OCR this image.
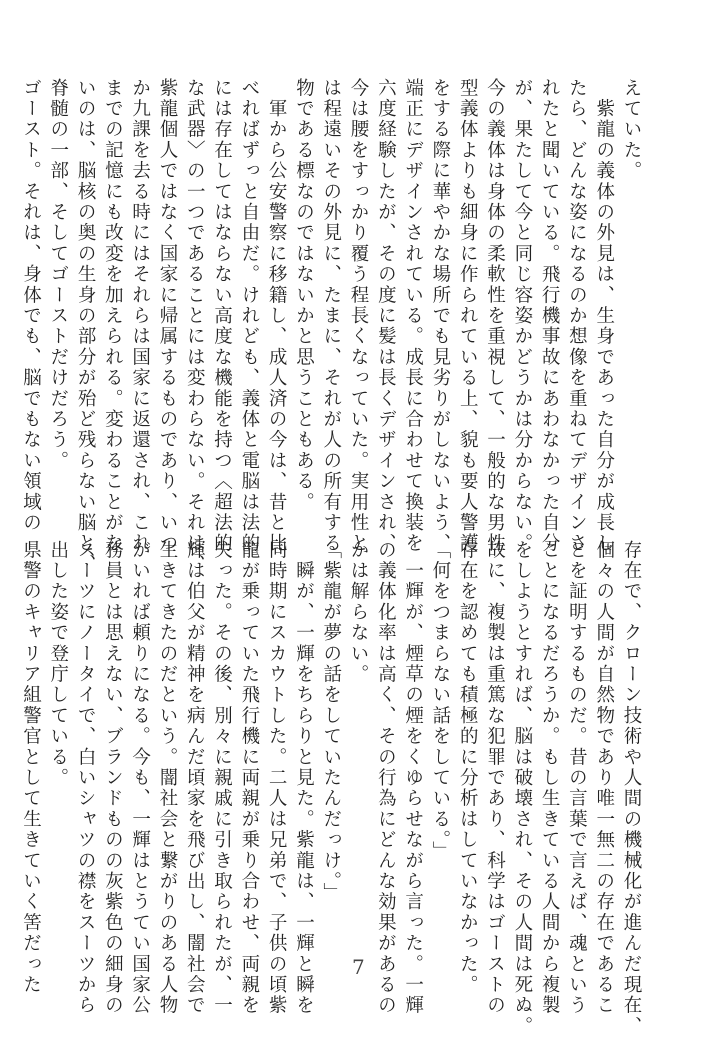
えていた。
　紫龍の義体の外見は、生身であった自分が成長し
たら、どんな姿になるのか想像を重ねてデザインさ
れたと聞いている。飛行機事故にあわなかった自分
が、果たして今と同じ容姿かどうかは分からない。
今の義体は身体の柔軟性を重視して、一般的な男性
型義体よりも細身に作られている上、貌も要人警護
をする際に華やかな場所でも見劣りがしないよう、
端正にデザインされている。成長に合わせて換装を
六度経験したが、その度に髪は長くデザインされ、
今は腰をすっかり覆う程長くなっていた。実用性と
は程遠いその外見に、たまに、それが人の所有する
物である標なのではないかと思うこともある。
　軍から公安警察に移籍し、成人済の今は、昔と比
べればずっと自由だ。けれども、義体と電脳は法的
には存在してはならない高度な機能を持つ〈超法的
な武器〉の一つであることには変わらない。それは、
紫龍個人ではなく国家に帰属するものであり、いつ
か九課を去る時にはそれらは国家に返還され、これ
までの記憶にも改変を加えられる。変わることがな
いのは、脳核の奥の生身の部分が殆ど残らない脳と、
脊髄の一部、そしてゴーストだけだろう。
ゴースト。それは、身体でも、脳でもない領域の
存在で、クローン技術や人間の機械化が進んだ現在、
個々の人間が自然物であり唯一無二の存在であるこ
とを証明するものだ。昔の言葉で言えば、魂という
ことになるだろうか。もし生きている人間から複製
をしようとすれば、脳は破壊され、その人間は死ぬ。
故に、複製は重篤な犯罪であり、科学はゴーストの
存在を認めても積極的に分析はしていなかった。
「何をつまらない話をしている。」
　一輝が、煙草の煙をくゆらせながら言った。一輝
の義体化率は高く、その行為にどんな効果があるの
かは解らない。
「紫龍が夢の話をしていたんだっけ。」
　瞬が、一輝をちらりと見た。紫龍は、一輝と瞬を
同時期にスカウトした。二人は兄弟で、子供の頃紫
龍が乗っていた飛行機に両親が乗り合わせ、両親を
失った。その後、別々に親戚に引き取られたが、一
輝は伯父が精神を病んだ頃家を飛び出し、闇社会で
生きてきたのだという。闇社会と繋がりのある人物
がいれば頼りになる。今も、一輝はとうてい国家公
務員とは思えない、ブランドものの灰紫色の細身の
スーツにノータイで、白いシャツの襟をスーツから
出した姿で登庁している。
県警のキャリア組警官として生きていく筈だった	7
